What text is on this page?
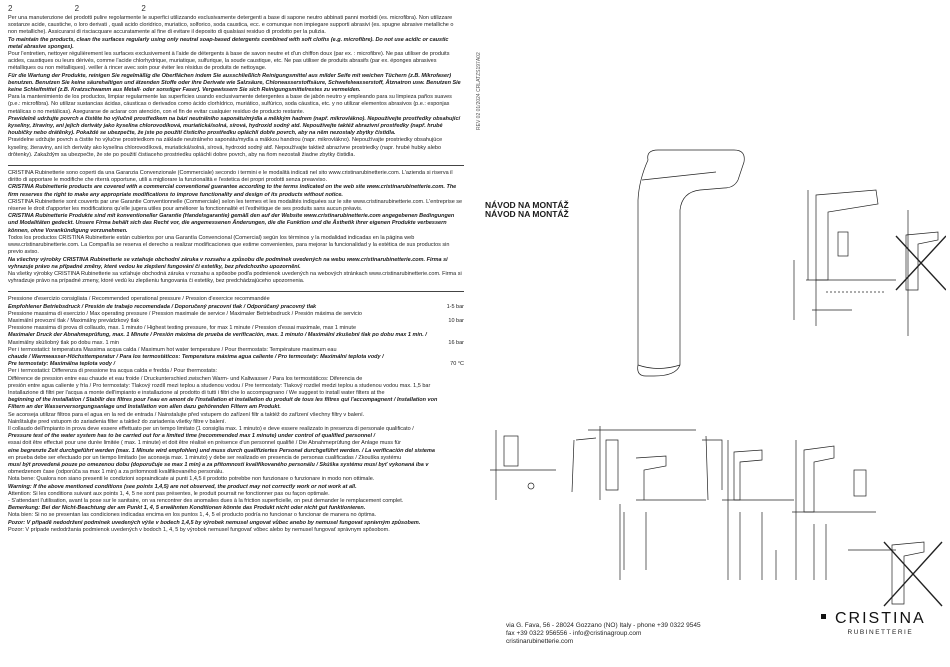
2 2 2

Per una manutenzione dei prodotti pulire regolarmente le superfici utilizzando esclusivamente detergenti a base di sapone neutro abbinati panni morbidi (es. microfibra). Non utilizzare sostanze acide, caustiche, o loro derivati , quali acido cloridrico, muriatico, solforico, soda caustica, ecc. e comunque non impiegare supporti abrasivi (es. spugne abrasive metalliche o non metalliche). Assicurarsi di risciacquare accuratamente al fine di evitare il deposito di qualsiasi residuo di prodotto per la pulizia.

To maintain the products, clean the surfaces regularly using only neutral soap-based detergents combined with soft cloths (e.g. microfibre). Do not use acidic or caustic

metal abrasive sponges).

Pour l'entretien, nettoyer régulièrement les surfaces exclusivement à l'aide de détergents à base de savon neutre et d'un chiffon doux (par ex. : microfibre). Ne pas utiliser de produits acides, caustiques ou leurs dérivés, comme l'acide chlorhydrique, muriatique, sulfurique, la soude caustique, etc. Ne pas utiliser de produits abrasifs (par ex. éponges abrasives métalliques ou non métalliques). veiller à rincer avec soin pour éviter les résidus de produits de nettoyage.

Für die Wartung der Produkte, reinigen Sie regelmäßig die Oberflächen indem Sie ausschließlich Reinigungsmittel aus milder Seife mit weichen Tüchern (z.B. Mikrofaser) benutzen. Benutzen Sie keine säurehaltigen und ätzenden Stoffe oder ihre Derivate wie Salzsäure, Chlorwasserstoffsäure, Schwefelwasserstoff, Ätznatron usw. Benutzen Sie keine Schleifmittel (z.B. Kratzschwamm aus Metall- oder sonstiger Faser). Vergewissern Sie sich Reinigungsmittelrestes zu vermeiden.

Para la mantenimiento de los productos, limpiar regularmente las superficies usando exclusivamente detergentes a base de jabón neutro y empleando para su limpieza paños suaves (p.e.: microfibra). No utilizar sustancias ácidas, cáusticas o derivados como ácido clorhídrico, muriático, sulfúrico, soda cáustica, etc. y no utilizar elementos abrasivos (p.e.: esponjas metálicas o no metálicas). Asegurarse de aclarar con atención, con el fin de evitar cualquier residuo de producto restante.

Pravidelně udržujte povrch a čistěte ho výlučně prostředkem na bázi neutrálního saponátu/mýdla a měkkým hadrem (např. mikrovlákno). Nepoužívejte prostředky obsahující kyseliny, žíraviny, ani jejich deriváty jako kyselina chlorovodíková, muriatická/solná, sírová, hydroxid sodný atd. Nepoužívejte taktéž abrazivní prostředky (např. hrubé houbičky nebo drátěnky). Pokaždé se ubezpečte, že jste po použití čisticího prostředku opláchli dobře povrch, aby na něm nezostaly zbytky čistidla.

Pravidelne udržujte povrch a čistite ho výlučne prostriedkom na základe neutrálneho saponátu/mydla a mäkkou handrou (napr. mikrovlákno). Nepoužívajte prostriedky obsahujúce kyseliny, žieraviny, ani ich deriváty ako kyselina chlorovodíková, muriatická/solná, sírová, hydroxid sodný atď. Nepoužívajte taktiež abrazívne prostriedky (napr. hrubé hubky alebo drôtenky). Zakaždým sa ubezpečte, že ste po použití čistiaceho prostriedku opláchli dobre povrch, aby na ňom nezostali žiadne zbytky čistidla.

CRISTINA Rubinetterie sono coperti da una Garanzia Convenzionale (Commerciale) secondo i termini e le modalità indicati nel sito www.cristinarubinetterie.com. L'azienda si riserva il diritto di apportare le modifiche che riterrà opportune, utili a migliorare la funzionalità e l'estetica dei propri prodotti senza preavviso.

CRISTINA Rubinetterie products are covered with a commercial conventional guarantee according to the terms indicated on the web site www.cristinarubinetterie.com. The firm reserves the right to make any appropriate modifications to improve functionality and design of its products without notice.

CRISTINA Rubinetterie sont couverts par une Garantie Conventionnelle (Commerciale) selon les termes et les modalités indiquées sur le site www.cristinarubinetterie.com. L'entreprise se réserve le droit d'apporter les modifications qu'elle jugera utiles pour améliorer la fonctionnalité et l'esthétique de ses produits sans aucun préavis.

CRISTINA Rubinetterie Produkte sind mit konventioneller Garantie (Handelsgarantie) gemäß den auf der Website www.cristinarubinetterie.com angegebenen Bedingungen und Modalitäten gedeckt. Unsere Firma behält sich das Recht vor, die angemessenen Änderungen, die die Funktion und die Ästhetik ihrer eigenen Produkte verbessern können, ohne Vorankündigung vorzunehmen.

Todos los productos CRISTINA Rubinetterie están cubiertos por una Garantía Convencional (Comercial) según los términos y la modalidad indicadas en la página web www.cristinarubinetterie.com. La Compañía se reserva el derecho a realizar modificaciones que estime convenientes, para mejorar la funcionalidad y la estética de sus productos sin previo aviso.

Na všechny výrobky CRISTINA Rubinetterie se vztahuje obchodní záruka v rozsahu a způsobu dle podmínek uvedených na webu www.cristinarubinetterie.com. Firma si vyhrazuje právo na případné změny, které vedou ke zlepšení fungování či estetiky, bez předchozího upozornění.

Na všetky výrobky CRISTINA Rubinetterie sa vzťahuje obchodná záruka v rozsahu a spôsobe podľa podmienok uvedených na webových stránkach www.cristinarubinetterie.com. Firma si vyhradzuje právo na prípadné zmeny, ktoré vedú ku zlepšeniu fungovania či estetiky, bez predchádzajúceho upozornenia.

Pressione d'esercizio consigliata / Recommended operational pressure / Pression d'exercice recommandée

Empfohlener Betriebsdruck / Presión de trabajo recomendada / Doporučený pracovní tlak / Odporúčaný pracovný tlak	1-5 bar

Pressione massima di esercizio / Max operating pressure / Pression maximale de service / Maximaler Betriebsdruck / Presión máxima de servicio

Maximální provozní tlak / Maximálny prevádzkový tlak	10 bar

Pressione massima di prova di collaudo, max. 1 minuto / Highest testing pressure, for max 1 minute / Pression d'essai maximale, max 1 minute

Maximaler Druck der Abnahmeprüfung, max. 1 Minute / Presión máxima de prueba de verificación, max. 1 minuto / Maximální zkušební tlak po dobu max 1 min. /

Maximálny skúšobný tlak po dobu max. 1 min	16 bar

Per i termostatici: temperatura Massima acqua calda / Maximum hot water temperature / Pour thermostats: Température maximum eau

chaude / Warmwasser-Höchsttemperatur / Para los termostáticos: Temperatura máxima agua caliente / Pro termostaty: Maximální teplota vody /

Pre termostaty: Maximálna teplota vody /	70 °C

Per i termostatici: Differenza di pressione tra acqua calda e fredda / Pour thermostats:

Différence de pression entre eau chaude et eau froide / Druckunterschied zwischen Warm- und Kaltwasser / Para los termostáticos: Diferencia de

presión entre agua caliente y fría / Pro termostaty: Tlakový rozdíl mezi teplou a studenou vodou / Pre termostaty: Tlakový rozdiel medzi teplou a studenou vodou max. 1,5 bar

Installazione di filtri per l'acqua a monte dell'impianto e installazione al prodotto di tutti i filtri che lo accompagnano / We suggest to install water filters at the

beginning of the installation / Stabilir des filtres pour l'eau en amont de l'installation et installation du produit de tous les filtres qui l'accompagnent / Installation von

Filtern an der Wasserversorgungsanlage und Installation von allen dazu gehörenden Filtern am Produkt.

Se aconseja utilizar filtros para el agua en la red de entrada / Nainstalujte před vstupem do zařízení filtr a taktéž do zařízení všechny filtry v balení.

Nainštalujte pred vstupom do zariadenia filter a taktiež do zariadenia všetky filtre v balení.

Il collaudo dell'impianto in prova deve essere effettuato per un tempo limitato (1 consiglia max. 1 minuto) e deve essere realizzato in presenza di personale qualificato /

Pressure test of the water system has to be carried out for a limited time (recommended max 1 minute) under control of qualified personnel /

essai doit être effectué pour une durée limitée ( max. 1 minute) et doit être réalisé en présence d'un personnel qualifié / Die Abnahmeprüfung der Anlage muss für

eine begrenzte Zeit durchgeführt werden (max. 1 Minute wird empfohlen) und muss durch qualifiziertes Personal durchgeführt werden. / La verificación del sistema

en prueba debe ser efectuado por un tiempo limitado (se aconseja max. 1 minuto) y debe ser realizado en presencia de personas cualificadas / Zkouška systému

musí být provedená pouze po omezenou dobu (doporučuje se max 1 min) a za přítomnosti kvalifikovaného personálu / Skúška systému musí byť vykonaná iba v

obmedzenom čase (odporúča sa max 1 min) a za prítomnosti kvalifikovaného personálu.

Nota bene: Qualora non siano presenti le condizioni sopraindicate ai punti 1,4,5 il prodotto potrebbe non funzionare o funzionare in modo non ottimale.

Warning: If the above mentioned conditions (see points 1,4,5) are not observed, the product may not correctly work or not work at all.

Attention: Si les conditions suivant aux points 1, 4, 5 ne sont pas présentes, le produit pourrait ne fonctionner pas ou façon optimale.

- S'attendant l'utilisation, avant la pose sur le sanitaire, on va rencontrer des anomalies dues à la friction superficielle, on peut demander le remplacement complet.

Bemerkung: Bei der Nicht-Beachtung der am Punkt 1, 4, 5 erwähnten Konditionen könnte das Produkt nicht oder nicht gut funktionieren.

Nota bien: Si no se presentan las condiciones indicadas encima en los puntos 1, 4, 5 el producto podría no funcionar o funcionar de manera no óptima.

Pozor: V případě nedodržení podmínek uvedených výše v bodech 1,4,5 by výrobek nemusel ungovat vůbec anebo by nemusel fungovat správným způsobem.

Pozor: V prípade nedodržania podmienok uvedených v bodoch 1, 4, 5 by výrobok nemusel fungovať vôbec alebo by nemusel fungovať správnym spôsobom.

REV 02 01/2024 CRLATZS197A02
NÁVOD NA MONTÁŽ
NÁVOD NA MONTÁŽ
via G. Fava, 56 - 28024 Gozzano (NO) Italy - phone +39 0322 9545
fax +39 0322 956556 - info@cristinagroup.com
cristinarubinetterie.com
CRISTINA
RUBINETTERIE
